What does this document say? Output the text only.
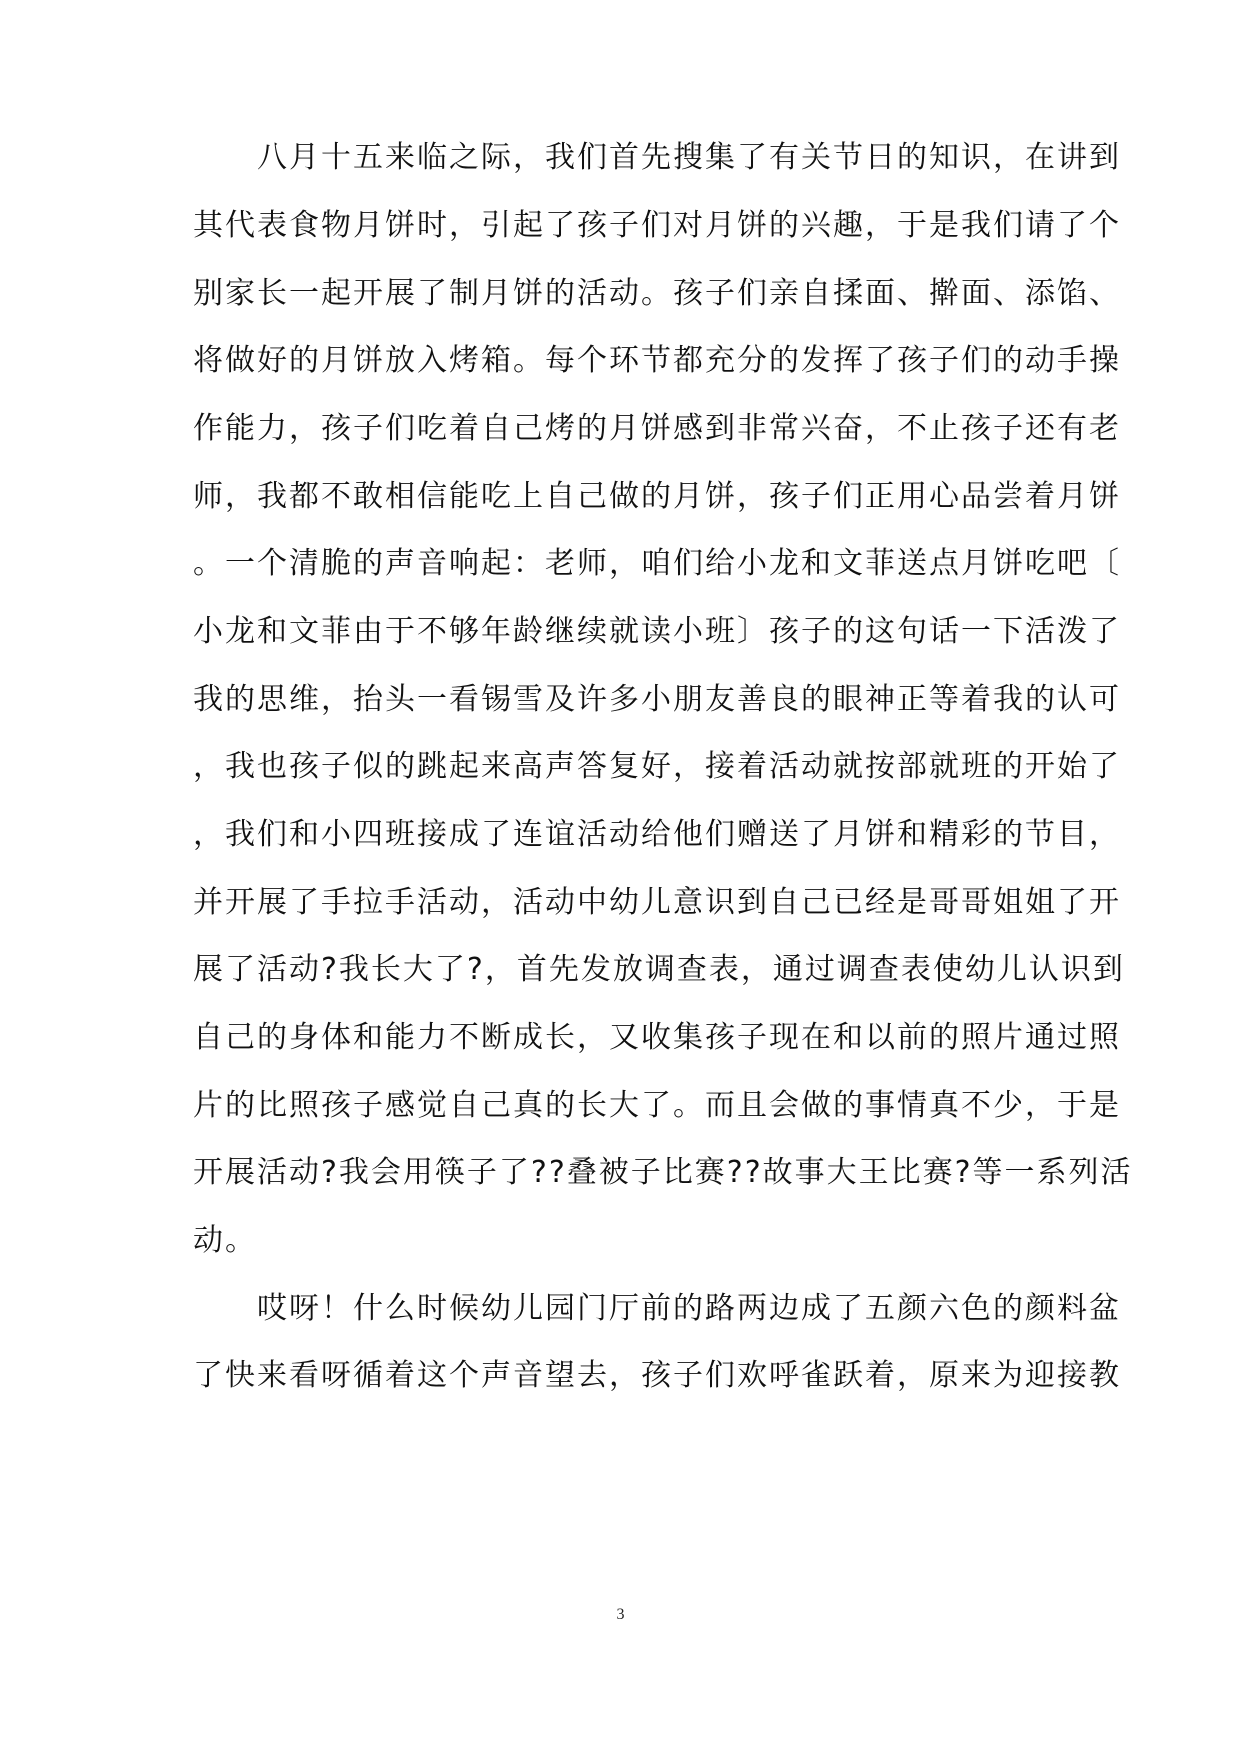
　　八月十五来临之际，我们首先搜集了有关节日的知识，在讲到
其代表食物月饼时，引起了孩子们对月饼的兴趣，于是我们请了个
别家长一起开展了制月饼的活动。孩子们亲自揉面、擀面、添馅、
将做好的月饼放入烤箱。每个环节都充分的发挥了孩子们的动手操
作能力，孩子们吃着自己烤的月饼感到非常兴奋，不止孩子还有老
师，我都不敢相信能吃上自己做的月饼，孩子们正用心品尝着月饼
。一个清脆的声音响起：老师，咱们给小龙和文菲送点月饼吃吧〔
小龙和文菲由于不够年龄继续就读小班〕孩子的这句话一下活泼了
我的思维，抬头一看锡雪及许多小朋友善良的眼神正等着我的认可
，我也孩子似的跳起来高声答复好，接着活动就按部就班的开始了
，我们和小四班接成了连谊活动给他们赠送了月饼和精彩的节目，
并开展了手拉手活动，活动中幼儿意识到自己已经是哥哥姐姐了开
展了活动?我长大了?，首先发放调查表，通过调查表使幼儿认识到
自己的身体和能力不断成长，又收集孩子现在和以前的照片通过照
片的比照孩子感觉自己真的长大了。而且会做的事情真不少，于是
开展活动?我会用筷子了??叠被子比赛??故事大王比赛?等一系列活
动。
　　哎呀！什么时候幼儿园门厅前的路两边成了五颜六色的颜料盆
了快来看呀循着这个声音望去，孩子们欢呼雀跃着，原来为迎接教
3
